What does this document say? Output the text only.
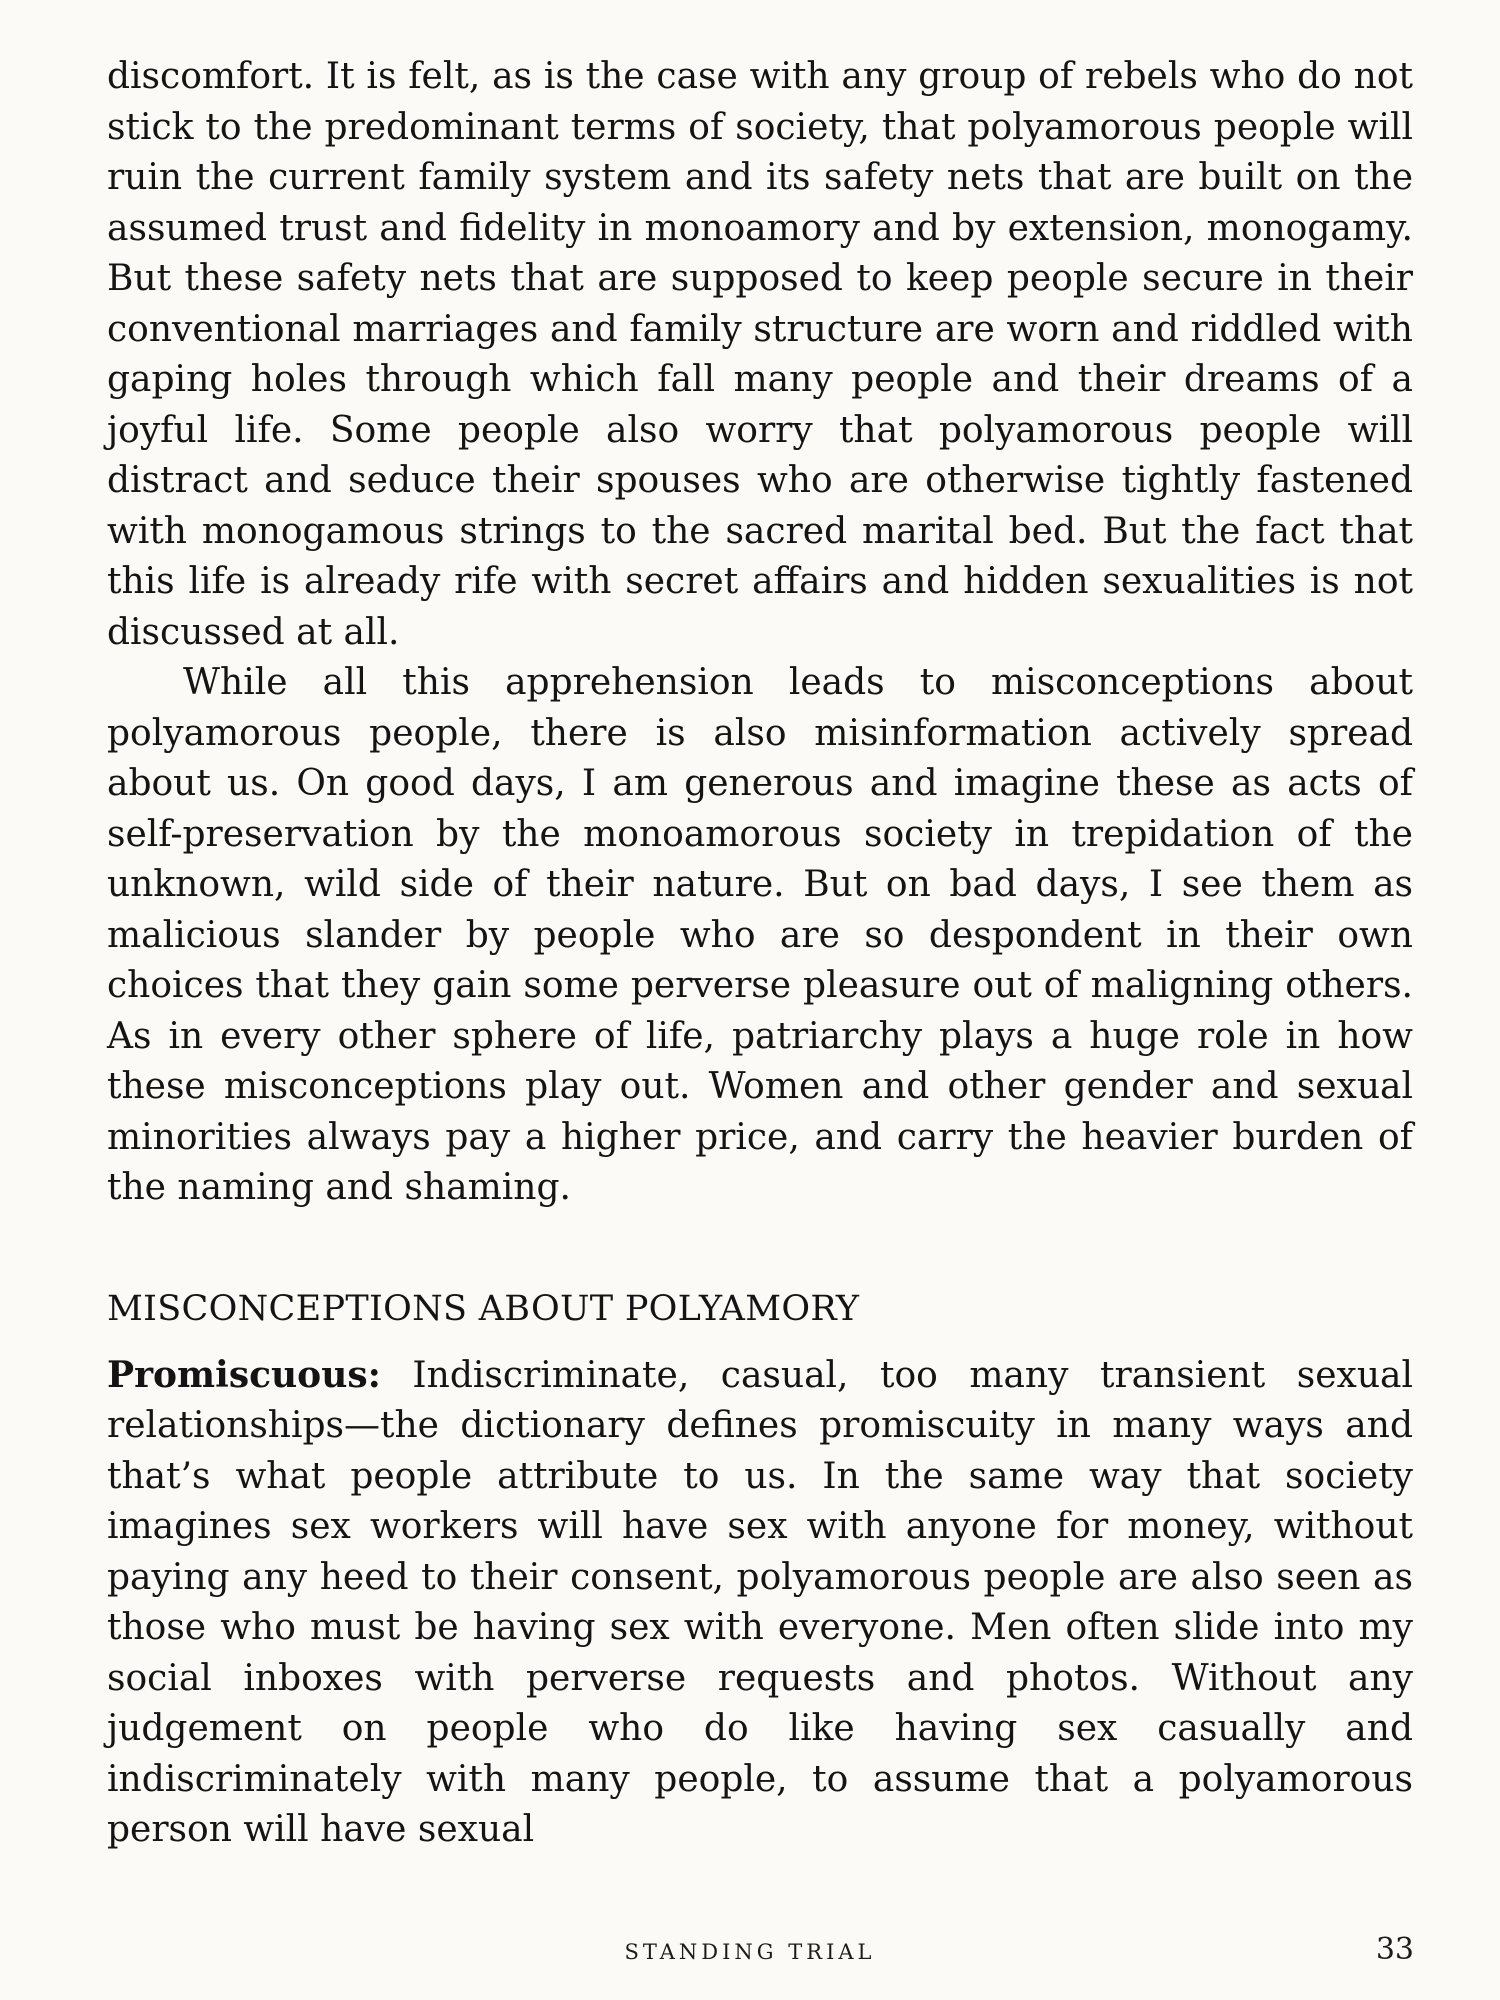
discomfort. It is felt, as is the case with any group of rebels who do not stick to the predominant terms of society, that polyamorous people will ruin the current family system and its safety nets that are built on the assumed trust and fidelity in monoamory and by extension, monogamy. But these safety nets that are supposed to keep people secure in their conventional marriages and family structure are worn and riddled with gaping holes through which fall many people and their dreams of a joyful life. Some people also worry that polyamorous people will distract and seduce their spouses who are otherwise tightly fastened with monogamous strings to the sacred marital bed. But the fact that this life is already rife with secret affairs and hidden sexualities is not discussed at all.

While all this apprehension leads to misconceptions about polyamorous people, there is also misinformation actively spread about us. On good days, I am generous and imagine these as acts of self-preservation by the monoamorous society in trepidation of the unknown, wild side of their nature. But on bad days, I see them as malicious slander by people who are so despondent in their own choices that they gain some perverse pleasure out of maligning others. As in every other sphere of life, patriarchy plays a huge role in how these misconceptions play out. Women and other gender and sexual minorities always pay a higher price, and carry the heavier burden of the naming and shaming.

MISCONCEPTIONS ABOUT POLYAMORY

Promiscuous: Indiscriminate, casual, too many transient sexual relationships—the dictionary defines promiscuity in many ways and that’s what people attribute to us. In the same way that society imagines sex workers will have sex with anyone for money, without paying any heed to their consent, polyamorous people are also seen as those who must be having sex with everyone. Men often slide into my social inboxes with perverse requests and photos. Without any judgement on people who do like having sex casually and indiscriminately with many people, to assume that a polyamorous person will have sexual

STANDING TRIAL	33
